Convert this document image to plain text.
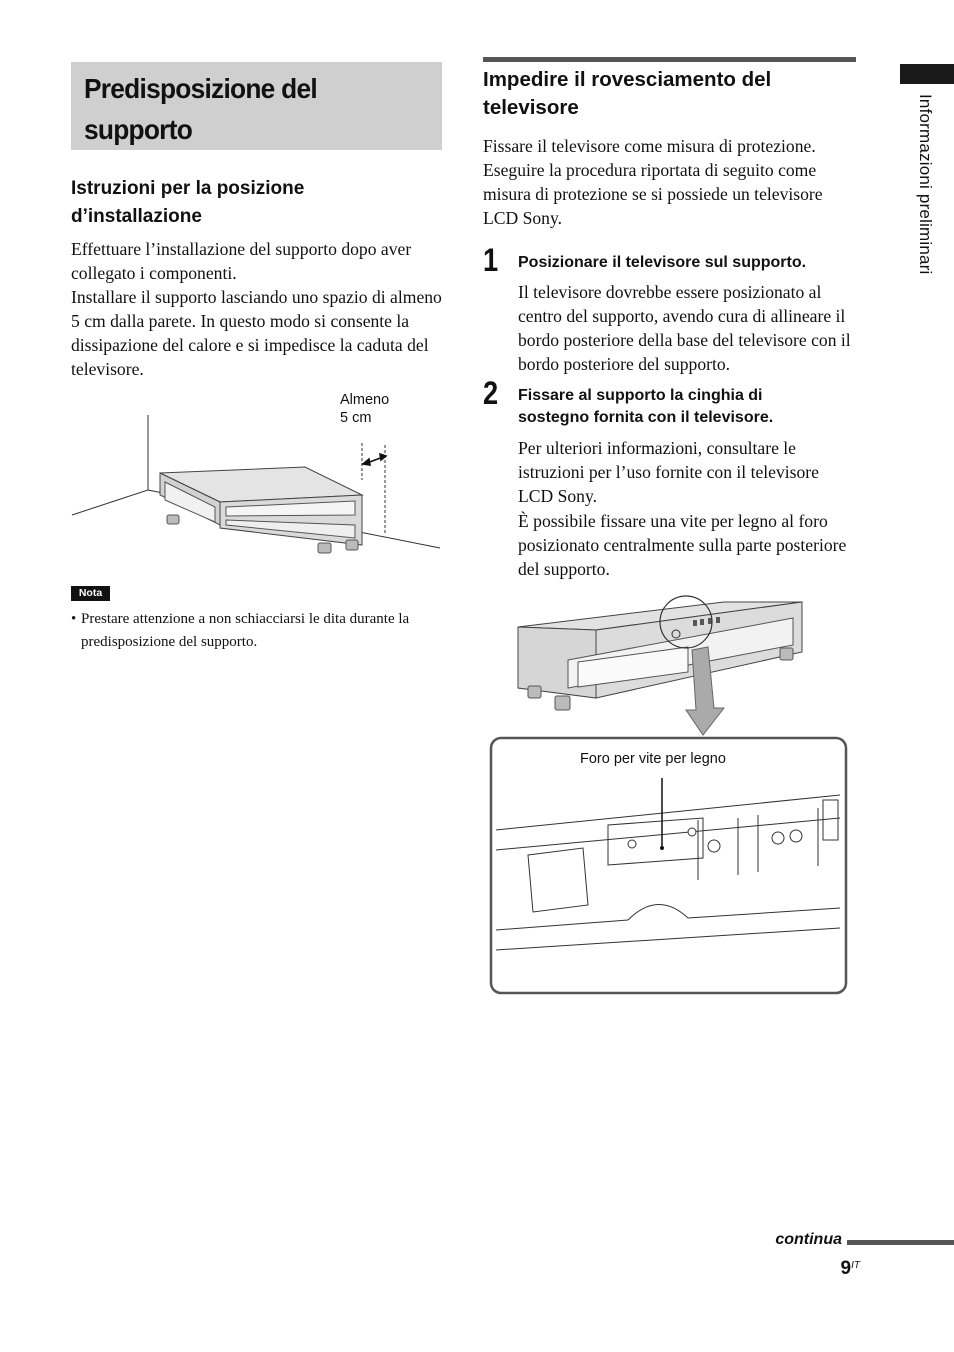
Predisposizione del supporto
Istruzioni per la posizione d’installazione

Effettuare l’installazione del supporto dopo aver collegato i componenti.

Installare il supporto lasciando uno spazio di almeno 5 cm dalla parete. In questo modo si consente la dissipazione del calore e si impedisce la caduta del televisore.

Almeno
5 cm
Nota
• Prestare attenzione a non schiacciarsi le dita durante la predisposizione del supporto.
Impedire il rovesciamento del televisore

Fissare il televisore come misura di protezione. Eseguire la procedura riportata di seguito come misura di protezione se si possiede un televisore LCD Sony.

1 Posizionare il televisore sul supporto.

Il televisore dovrebbe essere posizionato al centro del supporto, avendo cura di allineare il bordo posteriore della base del televisore con il bordo posteriore del supporto.

2 Fissare al supporto la cinghia di sostegno fornita con il televisore.

Per ulteriori informazioni, consultare le istruzioni per l’uso fornite con il televisore LCD Sony.

È possibile fissare una vite per legno al foro posizionato centralmente sulla parte posteriore del supporto.

Foro per vite per legno
Informazioni preliminari
continua
$9^{IT}$
